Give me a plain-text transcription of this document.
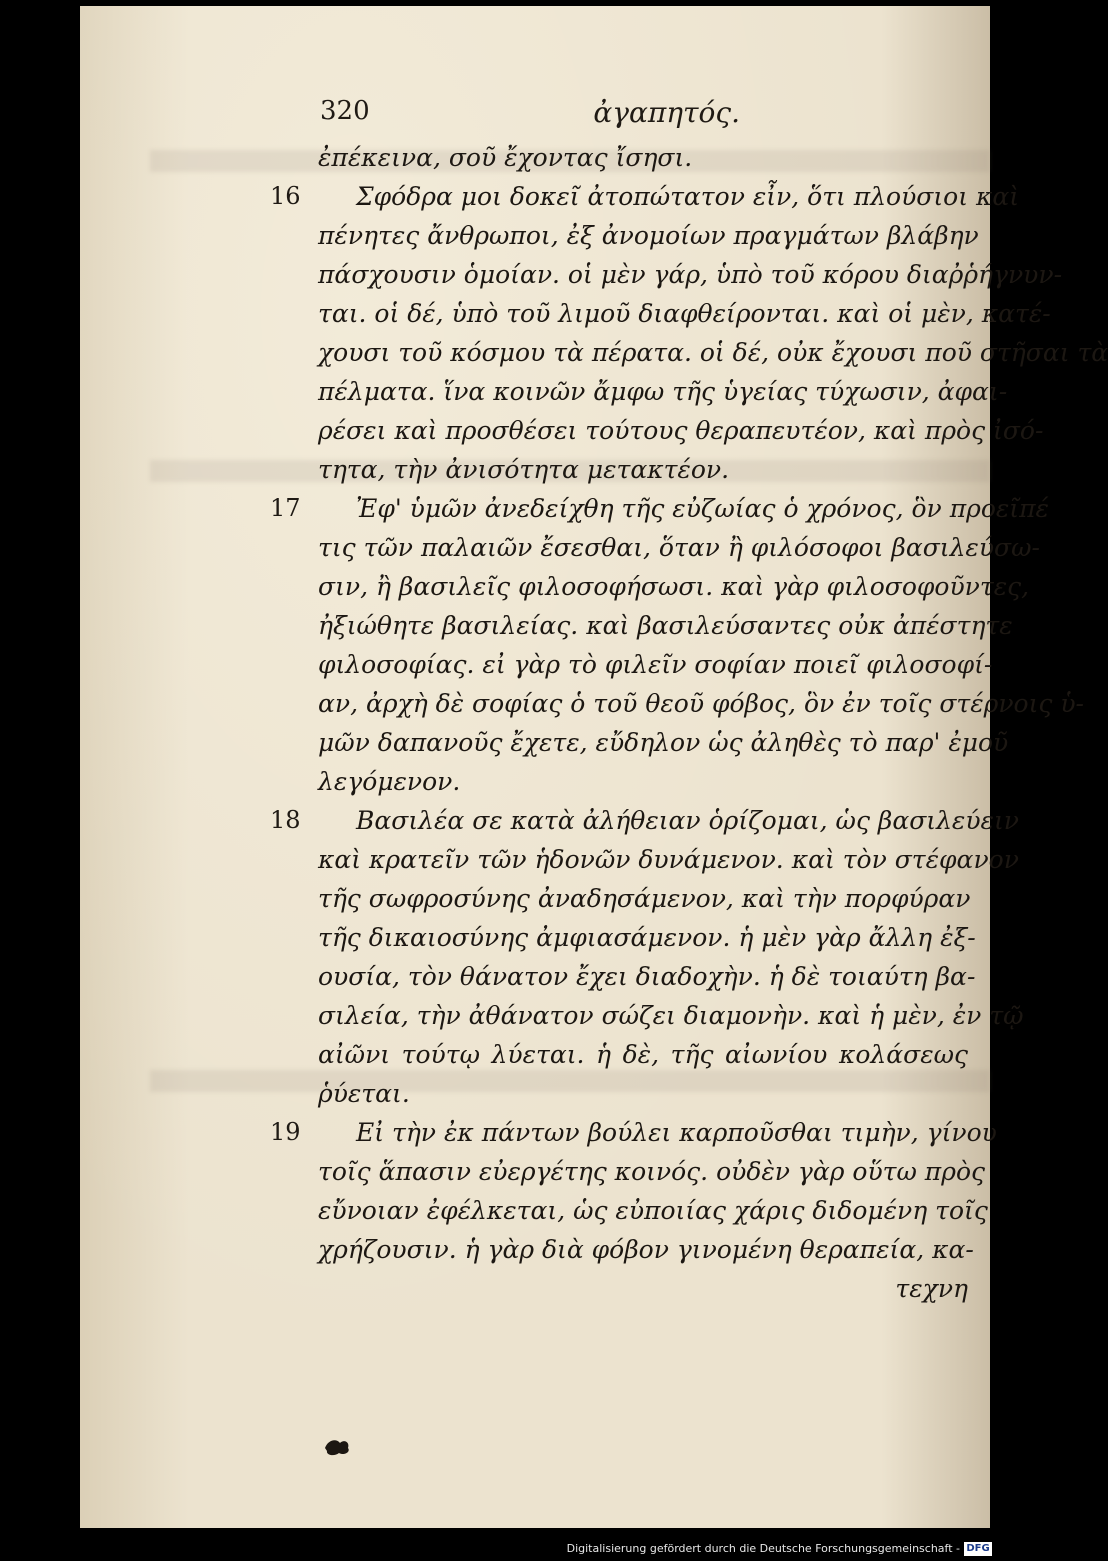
320	ἀγαπητός.
ἐπέκεινα, σοῦ ἔχοντας ἴσησι.
16	Σφόδρα μοι δοκεῖ ἀτοπώτατον εἶν, ὅτι πλούσιοι καὶ
πένητες ἄνθρωποι, ἐξ ἀνομοίων πραγμάτων βλάβην
πάσχουσιν ὁμοίαν. οἱ μὲν γάρ, ὑπὸ τοῦ κόρου διαῤῥήγνυν-
ται. οἱ δέ, ὑπὸ τοῦ λιμοῦ διαφθείρονται. καὶ οἱ μὲν, κατέ-
χουσι τοῦ κόσμου τὰ πέρατα. οἱ δέ, οὐκ ἔχουσι ποῦ στῆσαι τὰ
πέλματα. ἵνα κοινῶν ἄμφω τῆς ὑγείας τύχωσιν, ἀφαι-
ρέσει καὶ προσθέσει τούτους θεραπευτέον, καὶ πρὸς ἰσό-
τητα, τὴν ἀνισότητα μετακτέον.
17	Ἐφ' ὑμῶν ἀνεδείχθη τῆς εὐζωίας ὁ χρόνος, ὃν προεῖπέ
τις τῶν παλαιῶν ἔσεσθαι, ὅταν ἢ φιλόσοφοι βασιλεύσω-
σιν, ἢ βασιλεῖς φιλοσοφήσωσι. καὶ γὰρ φιλοσοφοῦντες,
ἠξιώθητε βασιλείας. καὶ βασιλεύσαντες οὐκ ἀπέστητε
φιλοσοφίας. εἰ γὰρ τὸ φιλεῖν σοφίαν ποιεῖ φιλοσοφί-
αν, ἀρχὴ δὲ σοφίας ὁ τοῦ θεοῦ φόβος, ὃν ἐν τοῖς στέρνοις ὑ-
μῶν δαπανοῦς ἔχετε, εὔδηλον ὡς ἀληθὲς τὸ παρ' ἐμοῦ
λεγόμενον.
18	Βασιλέα σε κατὰ ἀλήθειαν ὁρίζομαι, ὡς βασιλεύειν
καὶ κρατεῖν τῶν ἡδονῶν δυνάμενον. καὶ τὸν στέφανον
τῆς σωφροσύνης ἀναδησάμενον, καὶ τὴν πορφύραν
τῆς δικαιοσύνης ἀμφιασάμενον. ἡ μὲν γὰρ ἄλλη ἐξ-
ουσία, τὸν θάνατον ἔχει διαδοχὴν. ἡ δὲ τοιαύτη βα-
σιλεία, τὴν ἀθάνατον σώζει διαμονὴν. καὶ ἡ μὲν, ἐν τῷ
αἰῶνι τούτῳ λύεται. ἡ δὲ, τῆς αἰωνίου κολάσεως
ῥύεται.
19	Εἰ τὴν ἐκ πάντων βούλει καρποῦσθαι τιμὴν, γίνου
τοῖς ἅπασιν εὐεργέτης κοινός. οὐδὲν γὰρ οὕτω πρὸς
εὔνοιαν ἐφέλκεται, ὡς εὐποιίας χάρις διδομένη τοῖς
χρήζουσιν. ἡ γὰρ διὰ φόβον γινομένη θεραπεία, κα-
τεχνη
Digitalisierung gefördert durch die Deutsche Forschungsgemeinschaft - DFG
